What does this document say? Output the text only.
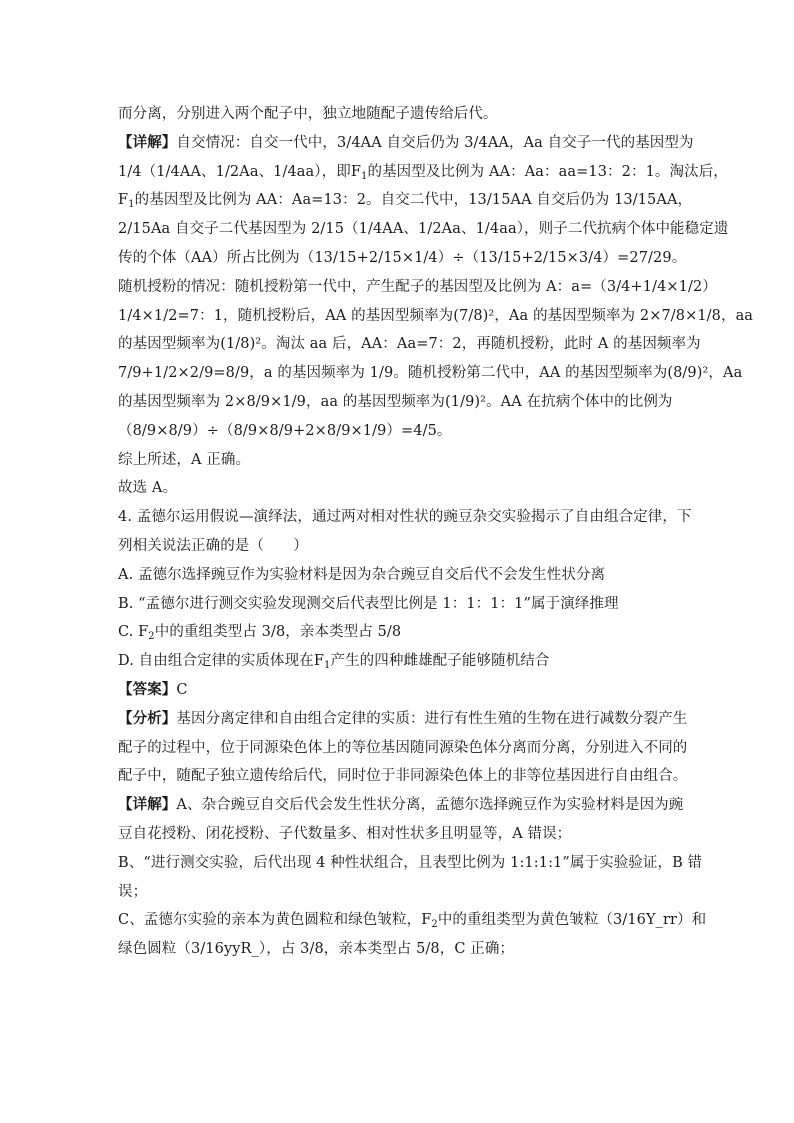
而分离，分别进入两个配子中，独立地随配子遗传给后代。
【详解】自交情况：自交一代中，3/4AA 自交后仍为 3/4AA，Aa 自交子一代的基因型为
1/4（1/4AA、1/2Aa、1/4aa），即$F_1$的基因型及比例为 AA：Aa：aa=13：2：1。淘汰后，
$F_1$的基因型及比例为 AA：Aa=13：2。自交二代中，13/15AA 自交后仍为 13/15AA，
2/15Aa 自交子二代基因型为 2/15（1/4AA、1/2Aa、1/4aa），则子二代抗病个体中能稳定遗
传的个体（AA）所占比例为（13/15+2/15×1/4）÷（13/15+2/15×3/4）=27/29。
随机授粉的情况：随机授粉第一代中，产生配子的基因型及比例为 A：a=（3/4+1/4×1/2）
1/4×1/2=7：1，随机授粉后，AA 的基因型频率为(7/8)²，Aa 的基因型频率为 2×7/8×1/8，aa
的基因型频率为(1/8)²。淘汰 aa 后，AA：Aa=7：2，再随机授粉，此时 A 的基因频率为
7/9+1/2×2/9=8/9，a 的基因频率为 1/9。随机授粉第二代中，AA 的基因型频率为(8/9)²，Aa
的基因型频率为 2×8/9×1/9，aa 的基因型频率为(1/9)²。AA 在抗病个体中的比例为
（8/9×8/9）÷（8/9×8/9+2×8/9×1/9）=4/5。
综上所述，A 正确。
故选 A。
4. 孟德尔运用假说—演绎法，通过两对相对性状的豌豆杂交实验揭示了自由组合定律，下
列相关说法正确的是（　　）
A. 孟德尔选择豌豆作为实验材料是因为杂合豌豆自交后代不会发生性状分离
B. “孟德尔进行测交实验发现测交后代表型比例是 1：1：1：1”属于演绎推理
C. $F_2$中的重组类型占 3/8，亲本类型占 5/8
D. 自由组合定律的实质体现在$F_1$产生的四种雌雄配子能够随机结合
【答案】C
【分析】基因分离定律和自由组合定律的实质：进行有性生殖的生物在进行减数分裂产生
配子的过程中，位于同源染色体上的等位基因随同源染色体分离而分离，分别进入不同的
配子中，随配子独立遗传给后代，同时位于非同源染色体上的非等位基因进行自由组合。
【详解】A、杂合豌豆自交后代会发生性状分离，孟德尔选择豌豆作为实验材料是因为豌
豆自花授粉、闭花授粉、子代数量多、相对性状多且明显等，A 错误；
B、“进行测交实验，后代出现 4 种性状组合，且表型比例为 1:1:1:1”属于实验验证，B 错
误；
C、孟德尔实验的亲本为黄色圆粒和绿色皱粒，$F_2$中的重组类型为黄色皱粒（3/16Y_rr）和
绿色圆粒（3/16yyR_），占 3/8，亲本类型占 5/8，C 正确；
